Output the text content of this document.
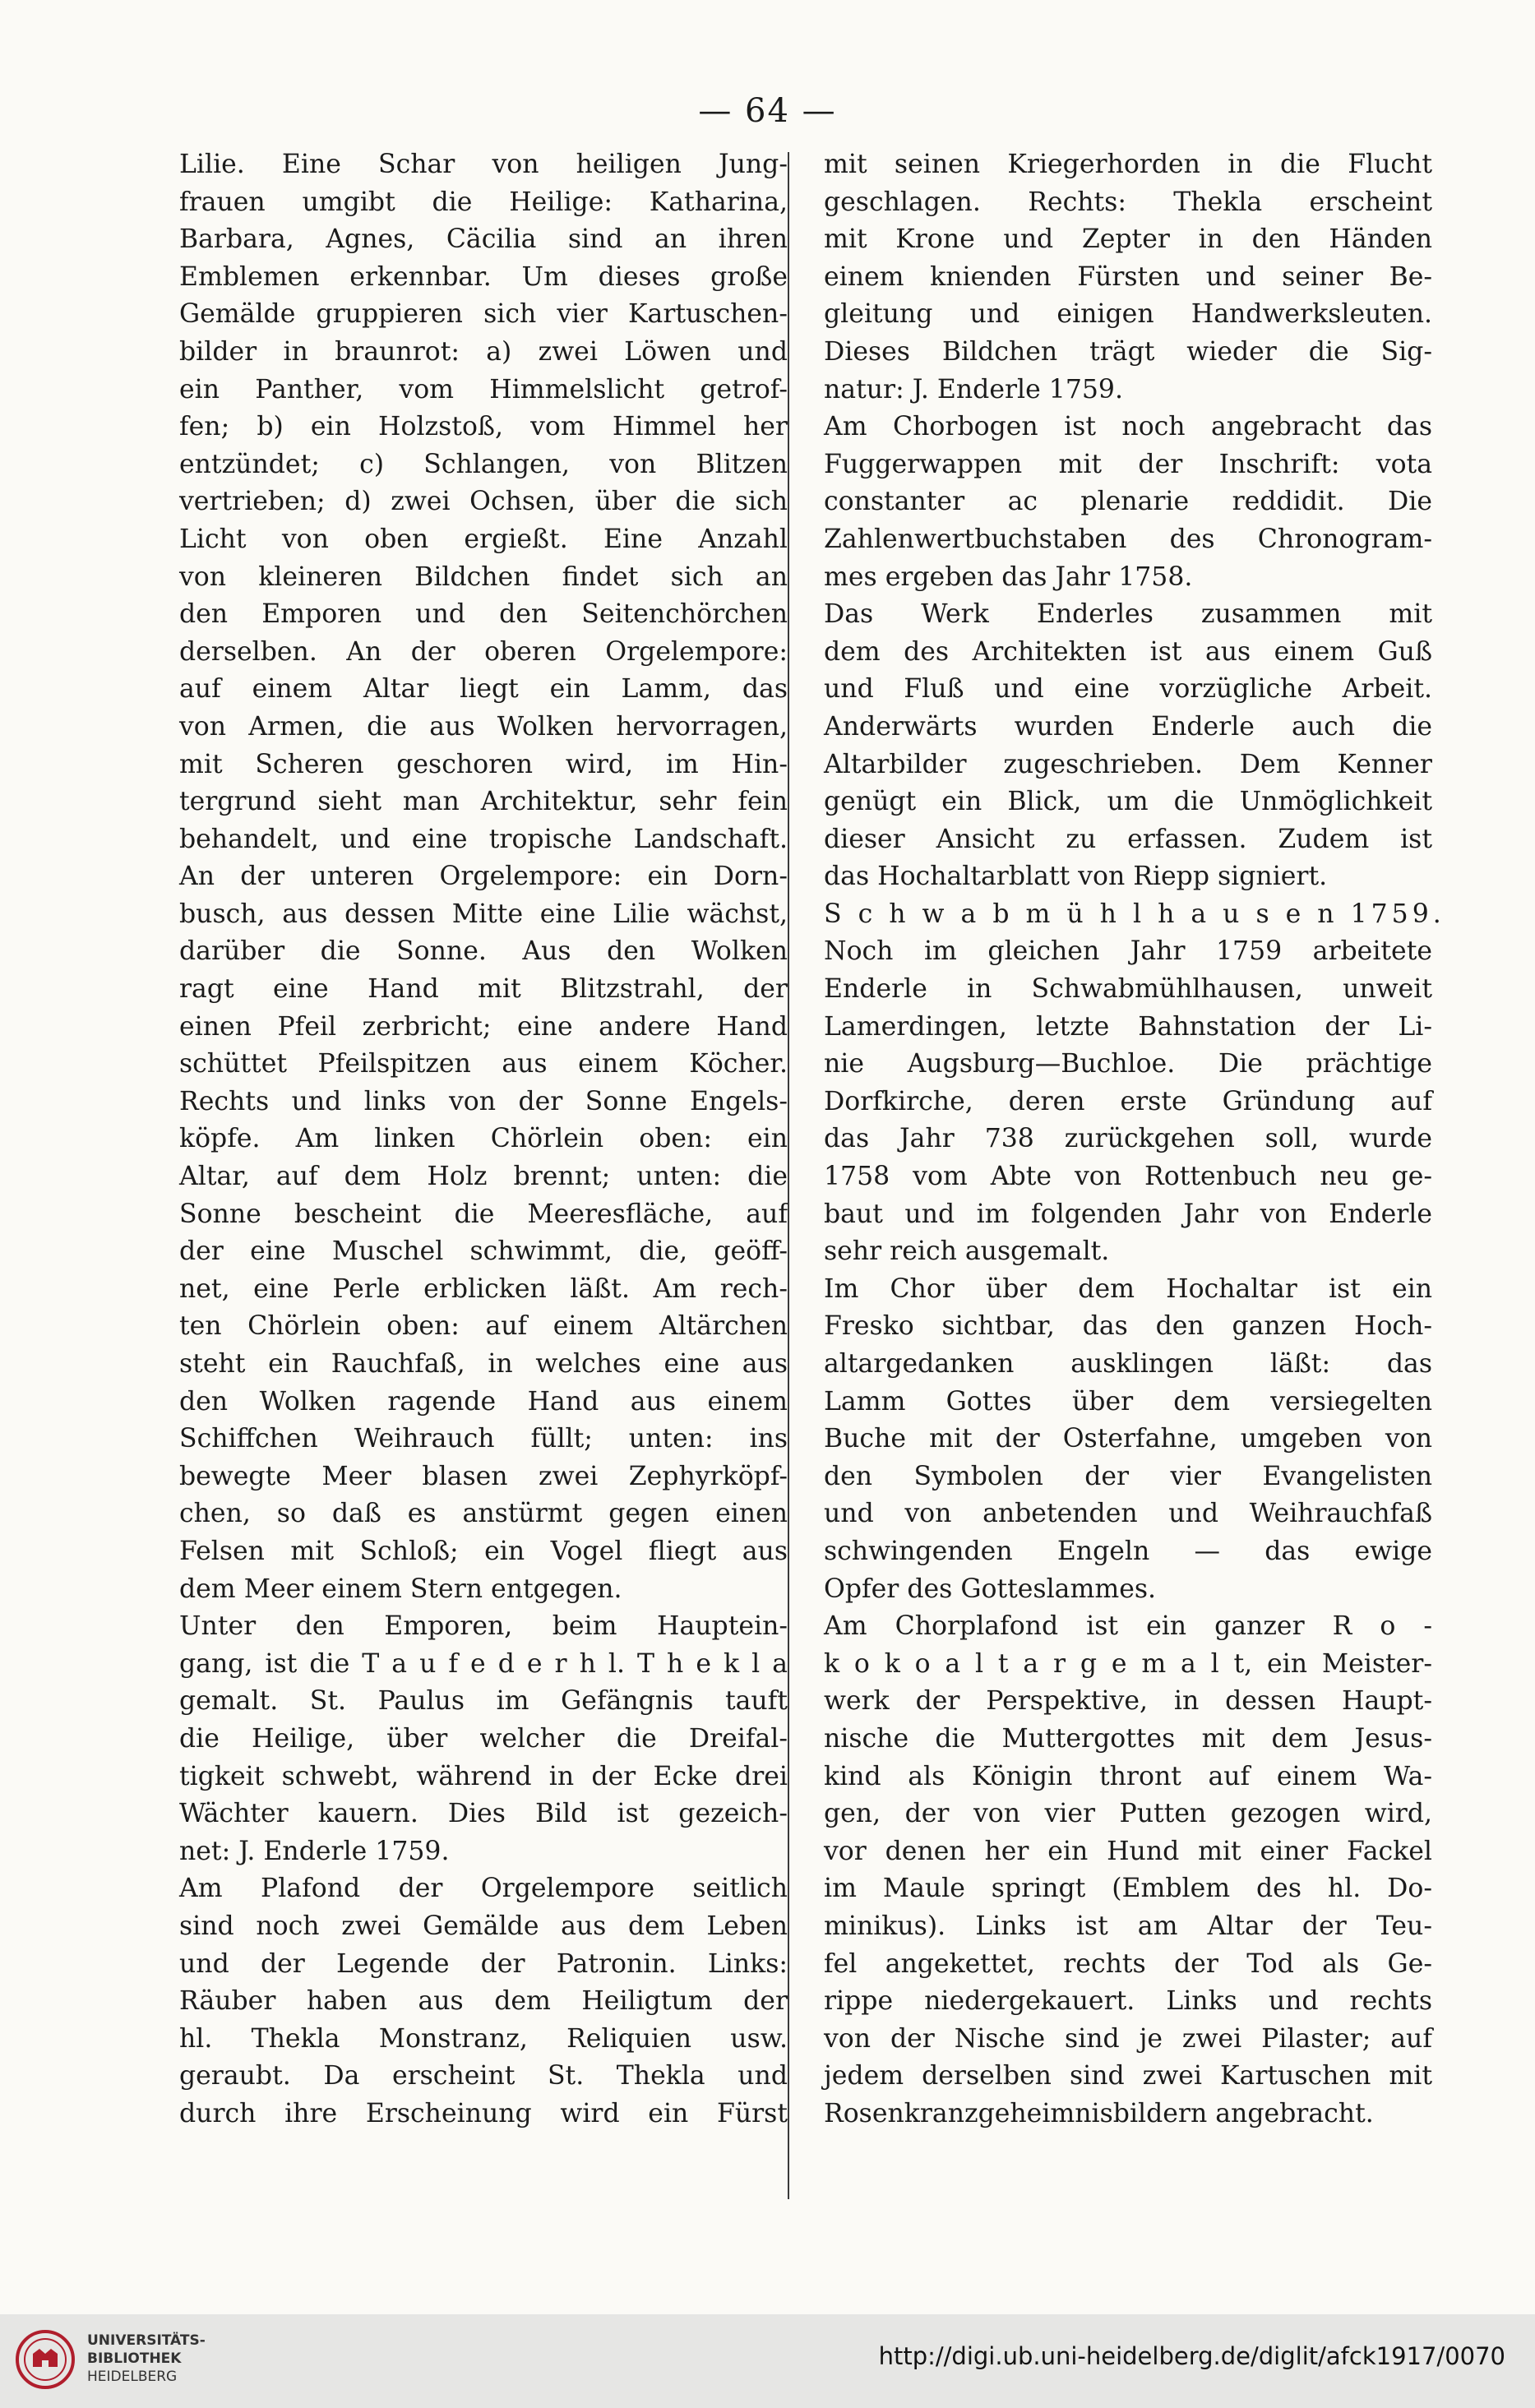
— 64 —
Lilie. Eine Schar von heiligen Jung-
frauen umgibt die Heilige: Katharina,
Barbara, Agnes, Cäcilia sind an ihren
Emblemen erkennbar. Um dieses große
Gemälde gruppieren sich vier Kartuschen-
bilder in braunrot: a) zwei Löwen und
ein Panther, vom Himmelslicht getrof-
fen; b) ein Holzstoß, vom Himmel her
entzündet; c) Schlangen, von Blitzen
vertrieben; d) zwei Ochsen, über die sich
Licht von oben ergießt. Eine Anzahl
von kleineren Bildchen findet sich an
den Emporen und den Seitenchörchen
derselben. An der oberen Orgelempore:
auf einem Altar liegt ein Lamm, das
von Armen, die aus Wolken hervorragen,
mit Scheren geschoren wird, im Hin-
tergrund sieht man Architektur, sehr fein
behandelt, und eine tropische Landschaft.
An der unteren Orgelempore: ein Dorn-
busch, aus dessen Mitte eine Lilie wächst,
darüber die Sonne. Aus den Wolken
ragt eine Hand mit Blitzstrahl, der
einen Pfeil zerbricht; eine andere Hand
schüttet Pfeilspitzen aus einem Köcher.
Rechts und links von der Sonne Engels-
köpfe. Am linken Chörlein oben: ein
Altar, auf dem Holz brennt; unten: die
Sonne bescheint die Meeresfläche, auf
der eine Muschel schwimmt, die, geöff-
net, eine Perle erblicken läßt. Am rech-
ten Chörlein oben: auf einem Altärchen
steht ein Rauchfaß, in welches eine aus
den Wolken ragende Hand aus einem
Schiffchen Weihrauch füllt; unten: ins
bewegte Meer blasen zwei Zephyrköpf-
chen, so daß es anstürmt gegen einen
Felsen mit Schloß; ein Vogel fliegt aus
dem Meer einem Stern entgegen.
Unter den Emporen, beim Hauptein-
gang, ist die T a u f e d e r h l. T h e k l a
gemalt. St. Paulus im Gefängnis tauft
die Heilige, über welcher die Dreifal-
tigkeit schwebt, während in der Ecke drei
Wächter kauern. Dies Bild ist gezeich-
net: J. Enderle 1759.
Am Plafond der Orgelempore seitlich
sind noch zwei Gemälde aus dem Leben
und der Legende der Patronin. Links:
Räuber haben aus dem Heiligtum der
hl. Thekla Monstranz, Reliquien usw.
geraubt. Da erscheint St. Thekla und
durch ihre Erscheinung wird ein Fürst
mit seinen Kriegerhorden in die Flucht
geschlagen. Rechts: Thekla erscheint
mit Krone und Zepter in den Händen
einem knienden Fürsten und seiner Be-
gleitung und einigen Handwerksleuten.
Dieses Bildchen trägt wieder die Sig-
natur: J. Enderle 1759.
Am Chorbogen ist noch angebracht das
Fuggerwappen mit der Inschrift: vota
constanter ac plenarie reddidit. Die
Zahlenwertbuchstaben des Chronogram-
mes ergeben das Jahr 1758.
Das Werk Enderles zusammen mit
dem des Architekten ist aus einem Guß
und Fluß und eine vorzügliche Arbeit.
Anderwärts wurden Enderle auch die
Altarbilder zugeschrieben. Dem Kenner
genügt ein Blick, um die Unmöglichkeit
dieser Ansicht zu erfassen. Zudem ist
das Hochaltarblatt von Riepp signiert.
S c h w a b m ü h l h a u s e n 1759.
Noch im gleichen Jahr 1759 arbeitete
Enderle in Schwabmühlhausen, unweit
Lamerdingen, letzte Bahnstation der Li-
nie Augsburg—Buchloe. Die prächtige
Dorfkirche, deren erste Gründung auf
das Jahr 738 zurückgehen soll, wurde
1758 vom Abte von Rottenbuch neu ge-
baut und im folgenden Jahr von Enderle
sehr reich ausgemalt.
Im Chor über dem Hochaltar ist ein
Fresko sichtbar, das den ganzen Hoch-
altargedanken ausklingen läßt: das
Lamm Gottes über dem versiegelten
Buche mit der Osterfahne, umgeben von
den Symbolen der vier Evangelisten
und von anbetenden und Weihrauchfaß
schwingenden Engeln — das ewige
Opfer des Gotteslammes.
Am Chorplafond ist ein ganzer R o -
k o k o a l t a r g e m a l t, ein Meister-
werk der Perspektive, in dessen Haupt-
nische die Muttergottes mit dem Jesus-
kind als Königin thront auf einem Wa-
gen, der von vier Putten gezogen wird,
vor denen her ein Hund mit einer Fackel
im Maule springt (Emblem des hl. Do-
minikus). Links ist am Altar der Teu-
fel angekettet, rechts der Tod als Ge-
rippe niedergekauert. Links und rechts
von der Nische sind je zwei Pilaster; auf
jedem derselben sind zwei Kartuschen mit
Rosenkranzgeheimnisbildern angebracht.
UNIVERSITÄTS-
BIBLIOTHEK
HEIDELBERG
http://digi.ub.uni-heidelberg.de/diglit/afck1917/0070
